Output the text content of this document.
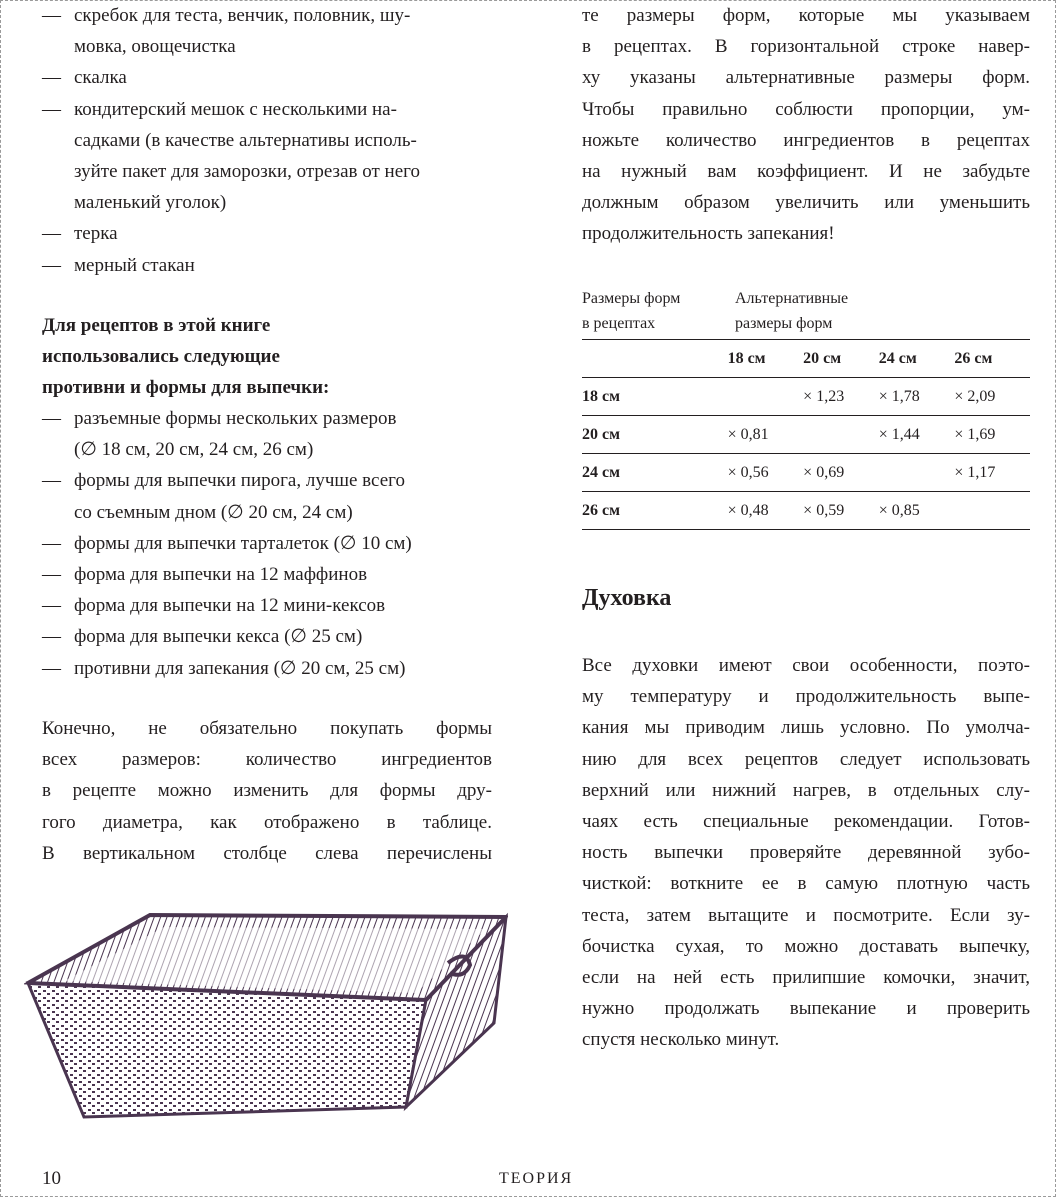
— скребок для теста, венчик, половник, шу-
мовка, овощечистка
— скалка
— кондитерский мешок с несколькими на-
садками (в качестве альтернативы исполь-
зуйте пакет для заморозки, отрезав от него
маленький уголок)
— терка
— мерный стакан
Для рецептов в этой книге
использовались следующие
противни и формы для выпечки:
— разъемные формы нескольких размеров
(∅ 18 см, 20 см, 24 см, 26 см)
— формы для выпечки пирога, лучше всего
со съемным дном (∅ 20 см, 24 см)
— формы для выпечки тарталеток (∅ 10 см)
— форма для выпечки на 12 маффинов
— форма для выпечки на 12 мини-кексов
— форма для выпечки кекса (∅ 25 см)
— противни для запекания (∅ 20 см, 25 см)
Конечно, не обязательно покупать формы
всех размеров: количество ингредиентов
в рецепте можно изменить для формы дру-
гого диаметра, как отображено в таблице.
В вертикальном столбце слева перечислены
те размеры форм, которые мы указываем
в рецептах. В горизонтальной строке навер-
ху указаны альтернативные размеры форм.
Чтобы правильно соблюсти пропорции, ум-
ножьте количество ингредиентов в рецептах
на нужный вам коэффициент. И не забудьте
должным образом увеличить или уменьшить
продолжительность запекания!
Размеры форм
в рецептах
Альтернативные
размеры форм
	18 см	20 см	24 см	26 см
18 см		× 1,23	× 1,78	× 2,09
20 см	× 0,81		× 1,44	× 1,69
24 см	× 0,56	× 0,69		× 1,17
26 см	× 0,48	× 0,59	× 0,85	
Духовка
Все духовки имеют свои особенности, поэто-
му температуру и продолжительность выпе-
кания мы приводим лишь условно. По умолча-
нию для всех рецептов следует использовать
верхний или нижний нагрев, в отдельных слу-
чаях есть специальные рекомендации. Готов-
ность выпечки проверяйте деревянной зубо-
чисткой: воткните ее в самую плотную часть
теста, затем вытащите и посмотрите. Если зу-
бочистка сухая, то можно доставать выпечку,
если на ней есть прилипшие комочки, значит,
нужно продолжать выпекание и проверить
спустя несколько минут.
10	ТЕОРИЯ
